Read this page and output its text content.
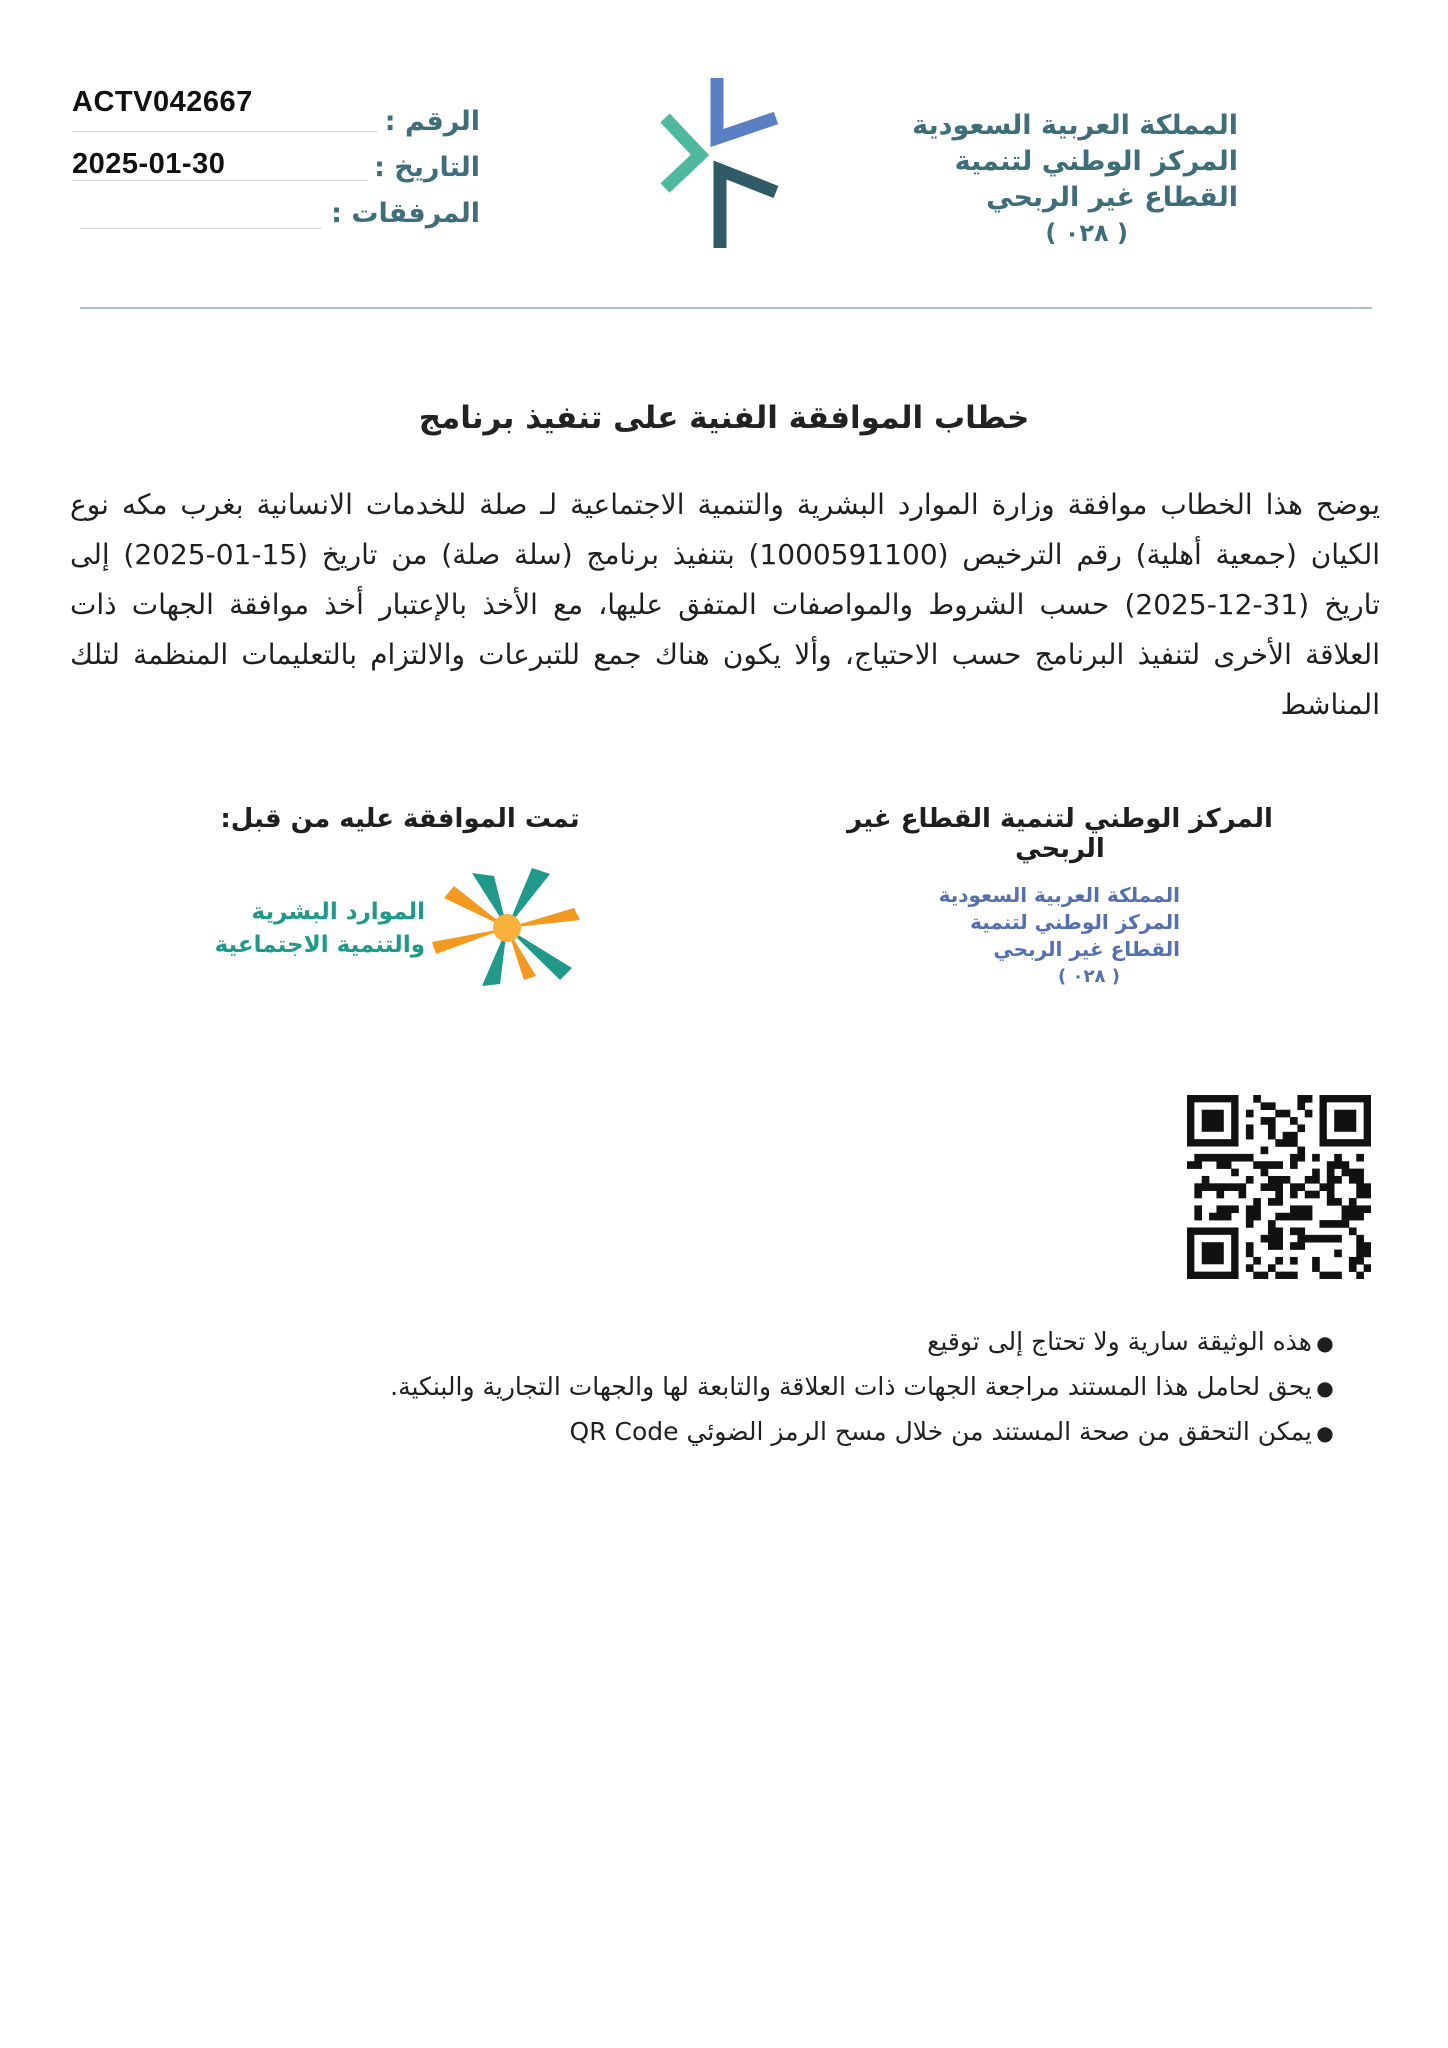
ACTV042667
2025-01-30
الرقم :
التاريخ :
المرفقات :
المملكة العربية السعودية
المركز الوطني لتنمية
القطاع غير الربحي
( ٠٢٨ )
خطاب الموافقة الفنية على تنفيذ برنامج
يوضح هذا الخطاب موافقة وزارة الموارد البشرية والتنمية الاجتماعية لـ صلة للخدمات الانسانية بغرب مكه نوع الكيان (جمعية أهلية) رقم الترخيص (1000591100) بتنفيذ برنامج (سلة صلة) من تاريخ (15-01-2025) إلى تاريخ (31-12-2025) حسب الشروط والمواصفات المتفق عليها، مع الأخذ بالإعتبار أخذ موافقة الجهات ذات العلاقة الأخرى لتنفيذ البرنامج حسب الاحتياج، وألا يكون هناك جمع للتبرعات والالتزام بالتعليمات المنظمة لتلك المناشط
المركز الوطني لتنمية القطاع غير الربحي
تمت الموافقة عليه من قبل:
المملكة العربية السعودية
المركز الوطني لتنمية
القطاع غير الربحي
( ٠٢٨ )
الموارد البشرية
والتنمية الاجتماعية
●هذه الوثيقة سارية ولا تحتاج إلى توقيع
●يحق لحامل هذا المستند مراجعة الجهات ذات العلاقة والتابعة لها والجهات التجارية والبنكية.
●يمكن التحقق من صحة المستند من خلال مسح الرمز الضوئي QR Code
